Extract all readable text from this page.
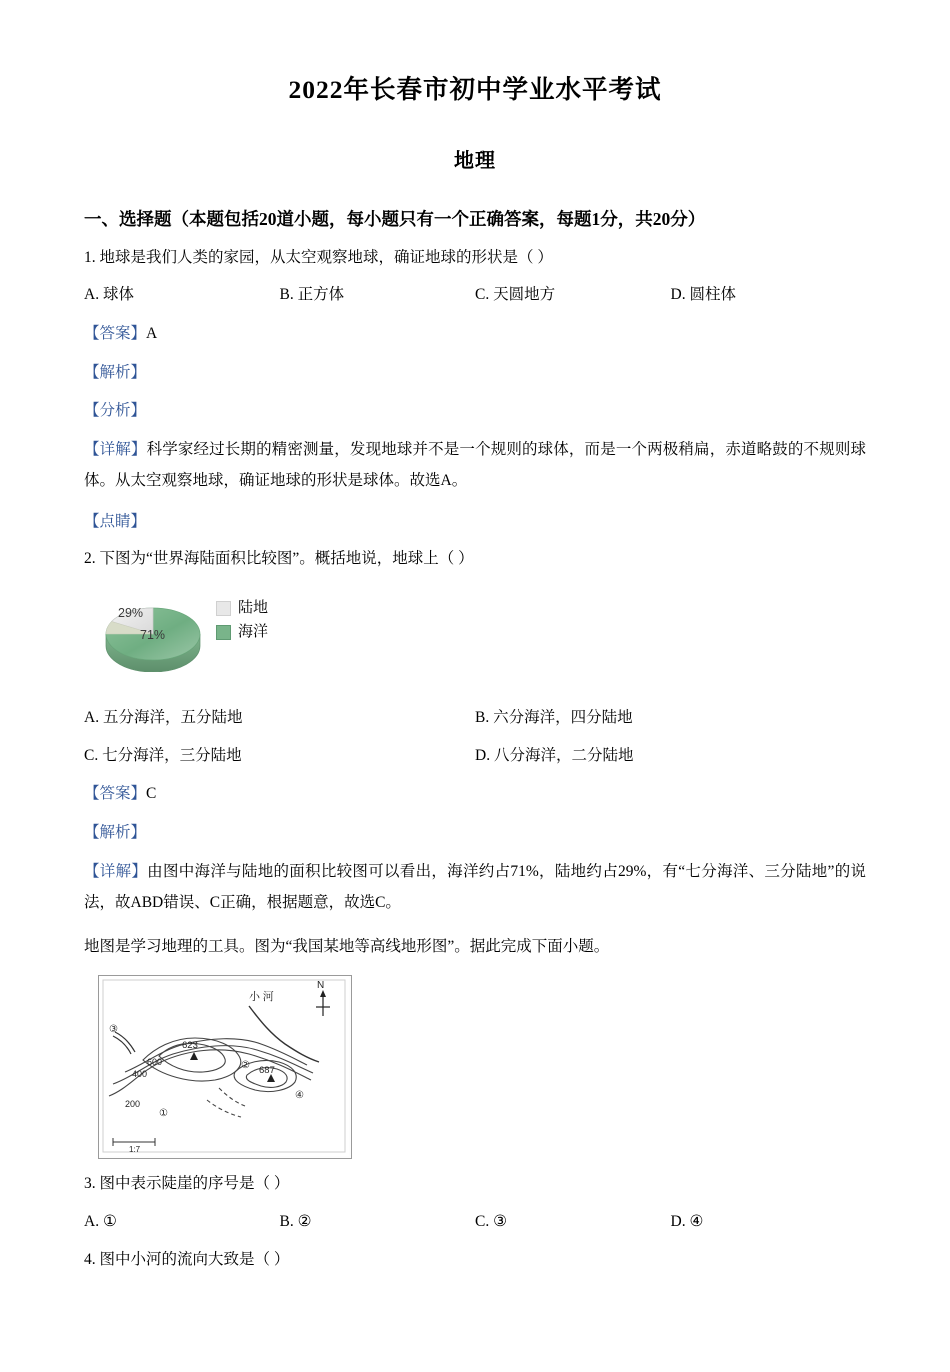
2022年长春市初中学业水平考试
地理
一、选择题（本题包括20道小题，每小题只有一个正确答案，每题1分，共20分）
1. 地球是我们人类的家园，从太空观察地球，确证地球的形状是（ ）
A. 球体	B. 正方体	C. 天圆地方	D. 圆柱体
【答案】A
【解析】
【分析】
【详解】科学家经过长期的精密测量，发现地球并不是一个规则的球体，而是一个两极稍扁，赤道略鼓的不规则球体。从太空观察地球，确证地球的形状是球体。故选A。
【点睛】
2. 下图为“世界海陆面积比较图”。概括地说，地球上（ ）
29%
71%
陆地
海洋
A. 五分海洋，五分陆地	B. 六分海洋，四分陆地
C. 七分海洋，三分陆地	D. 八分海洋，二分陆地
【答案】C
【解析】
【详解】由图中海洋与陆地的面积比较图可以看出，海洋约占71%，陆地约占29%，有“七分海洋、三分陆地”的说法，故ABD错误、C正确，根据题意，故选C。
地图是学习地理的工具。图为“我国某地等高线地形图”。据此完成下面小题。
N
小 河
623
687
600
400
200
③
②
①
④
1:7
3. 图中表示陡崖的序号是（ ）
A. ①	B. ②	C. ③	D. ④
4. 图中小河的流向大致是（ ）
